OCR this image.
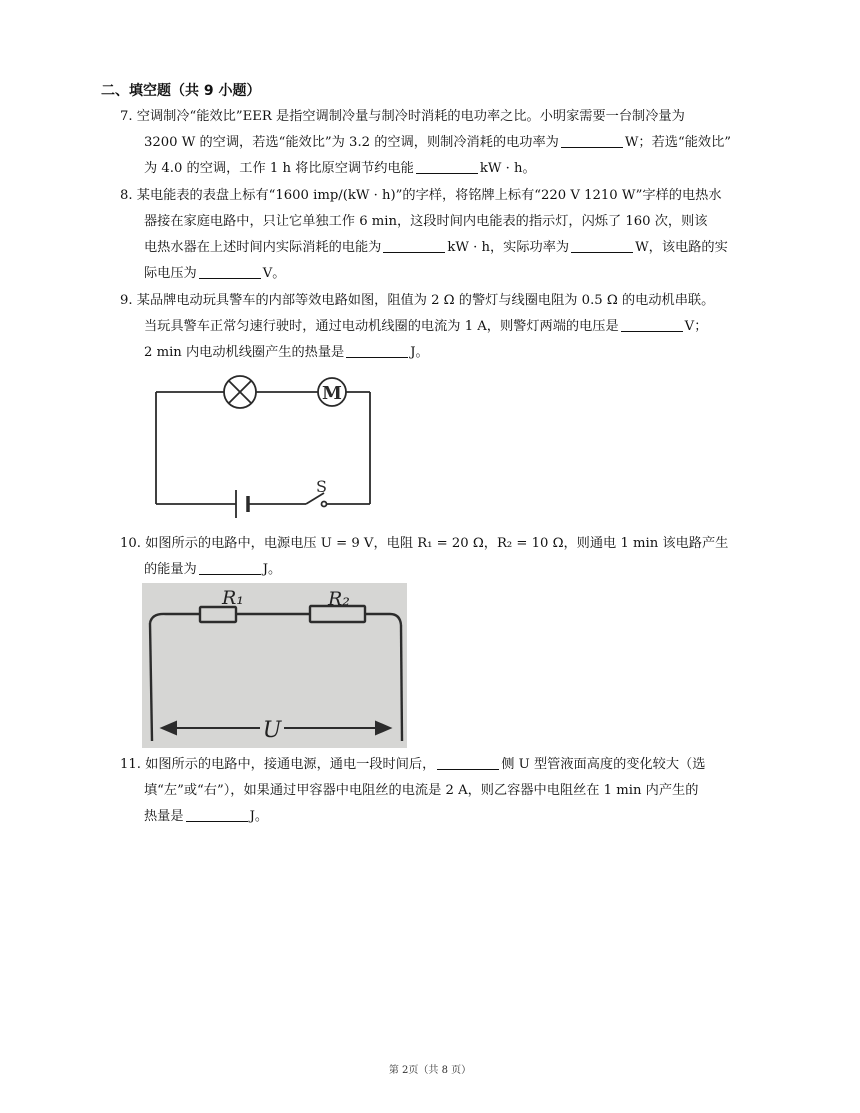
二、填空题（共 9 小题）
7. 空调制冷“能效比”EER 是指空调制冷量与制冷时消耗的电功率之比。小明家需要一台制冷量为
3200 W 的空调，若选“能效比”为 3.2 的空调，则制冷消耗的电功率为	W；若选“能效比”
为 4.0 的空调，工作 1 h 将比原空调节约电能	kW · h。
8. 某电能表的表盘上标有“1600 imp/(kW · h)”的字样，将铭牌上标有“220 V 1210 W”字样的电热水
器接在家庭电路中，只让它单独工作 6 min，这段时间内电能表的指示灯，闪烁了 160 次，则该
电热水器在上述时间内实际消耗的电能为	kW · h，实际功率为	W，该电路的实
际电压为	V。
9. 某品牌电动玩具警车的内部等效电路如图，阻值为 2 Ω 的警灯与线圈电阻为 0.5 Ω 的电动机串联。
当玩具警车正常匀速行驶时，通过电动机线圈的电流为 1 A，则警灯两端的电压是	V；
2 min 内电动机线圈产生的热量是	J。
M
S
10. 如图所示的电路中，电源电压 U = 9 V，电阻 R₁ = 20 Ω，R₂ = 10 Ω，则通电 1 min 该电路产生
的能量为	J。
R₁	R₂
U
11. 如图所示的电路中，接通电源，通电一段时间后，	侧 U 型管液面高度的变化较大（选
填“左”或“右”），如果通过甲容器中电阻丝的电流是 2 A，则乙容器中电阻丝在 1 min 内产生的
热量是	J。
第 2页（共 8 页）
